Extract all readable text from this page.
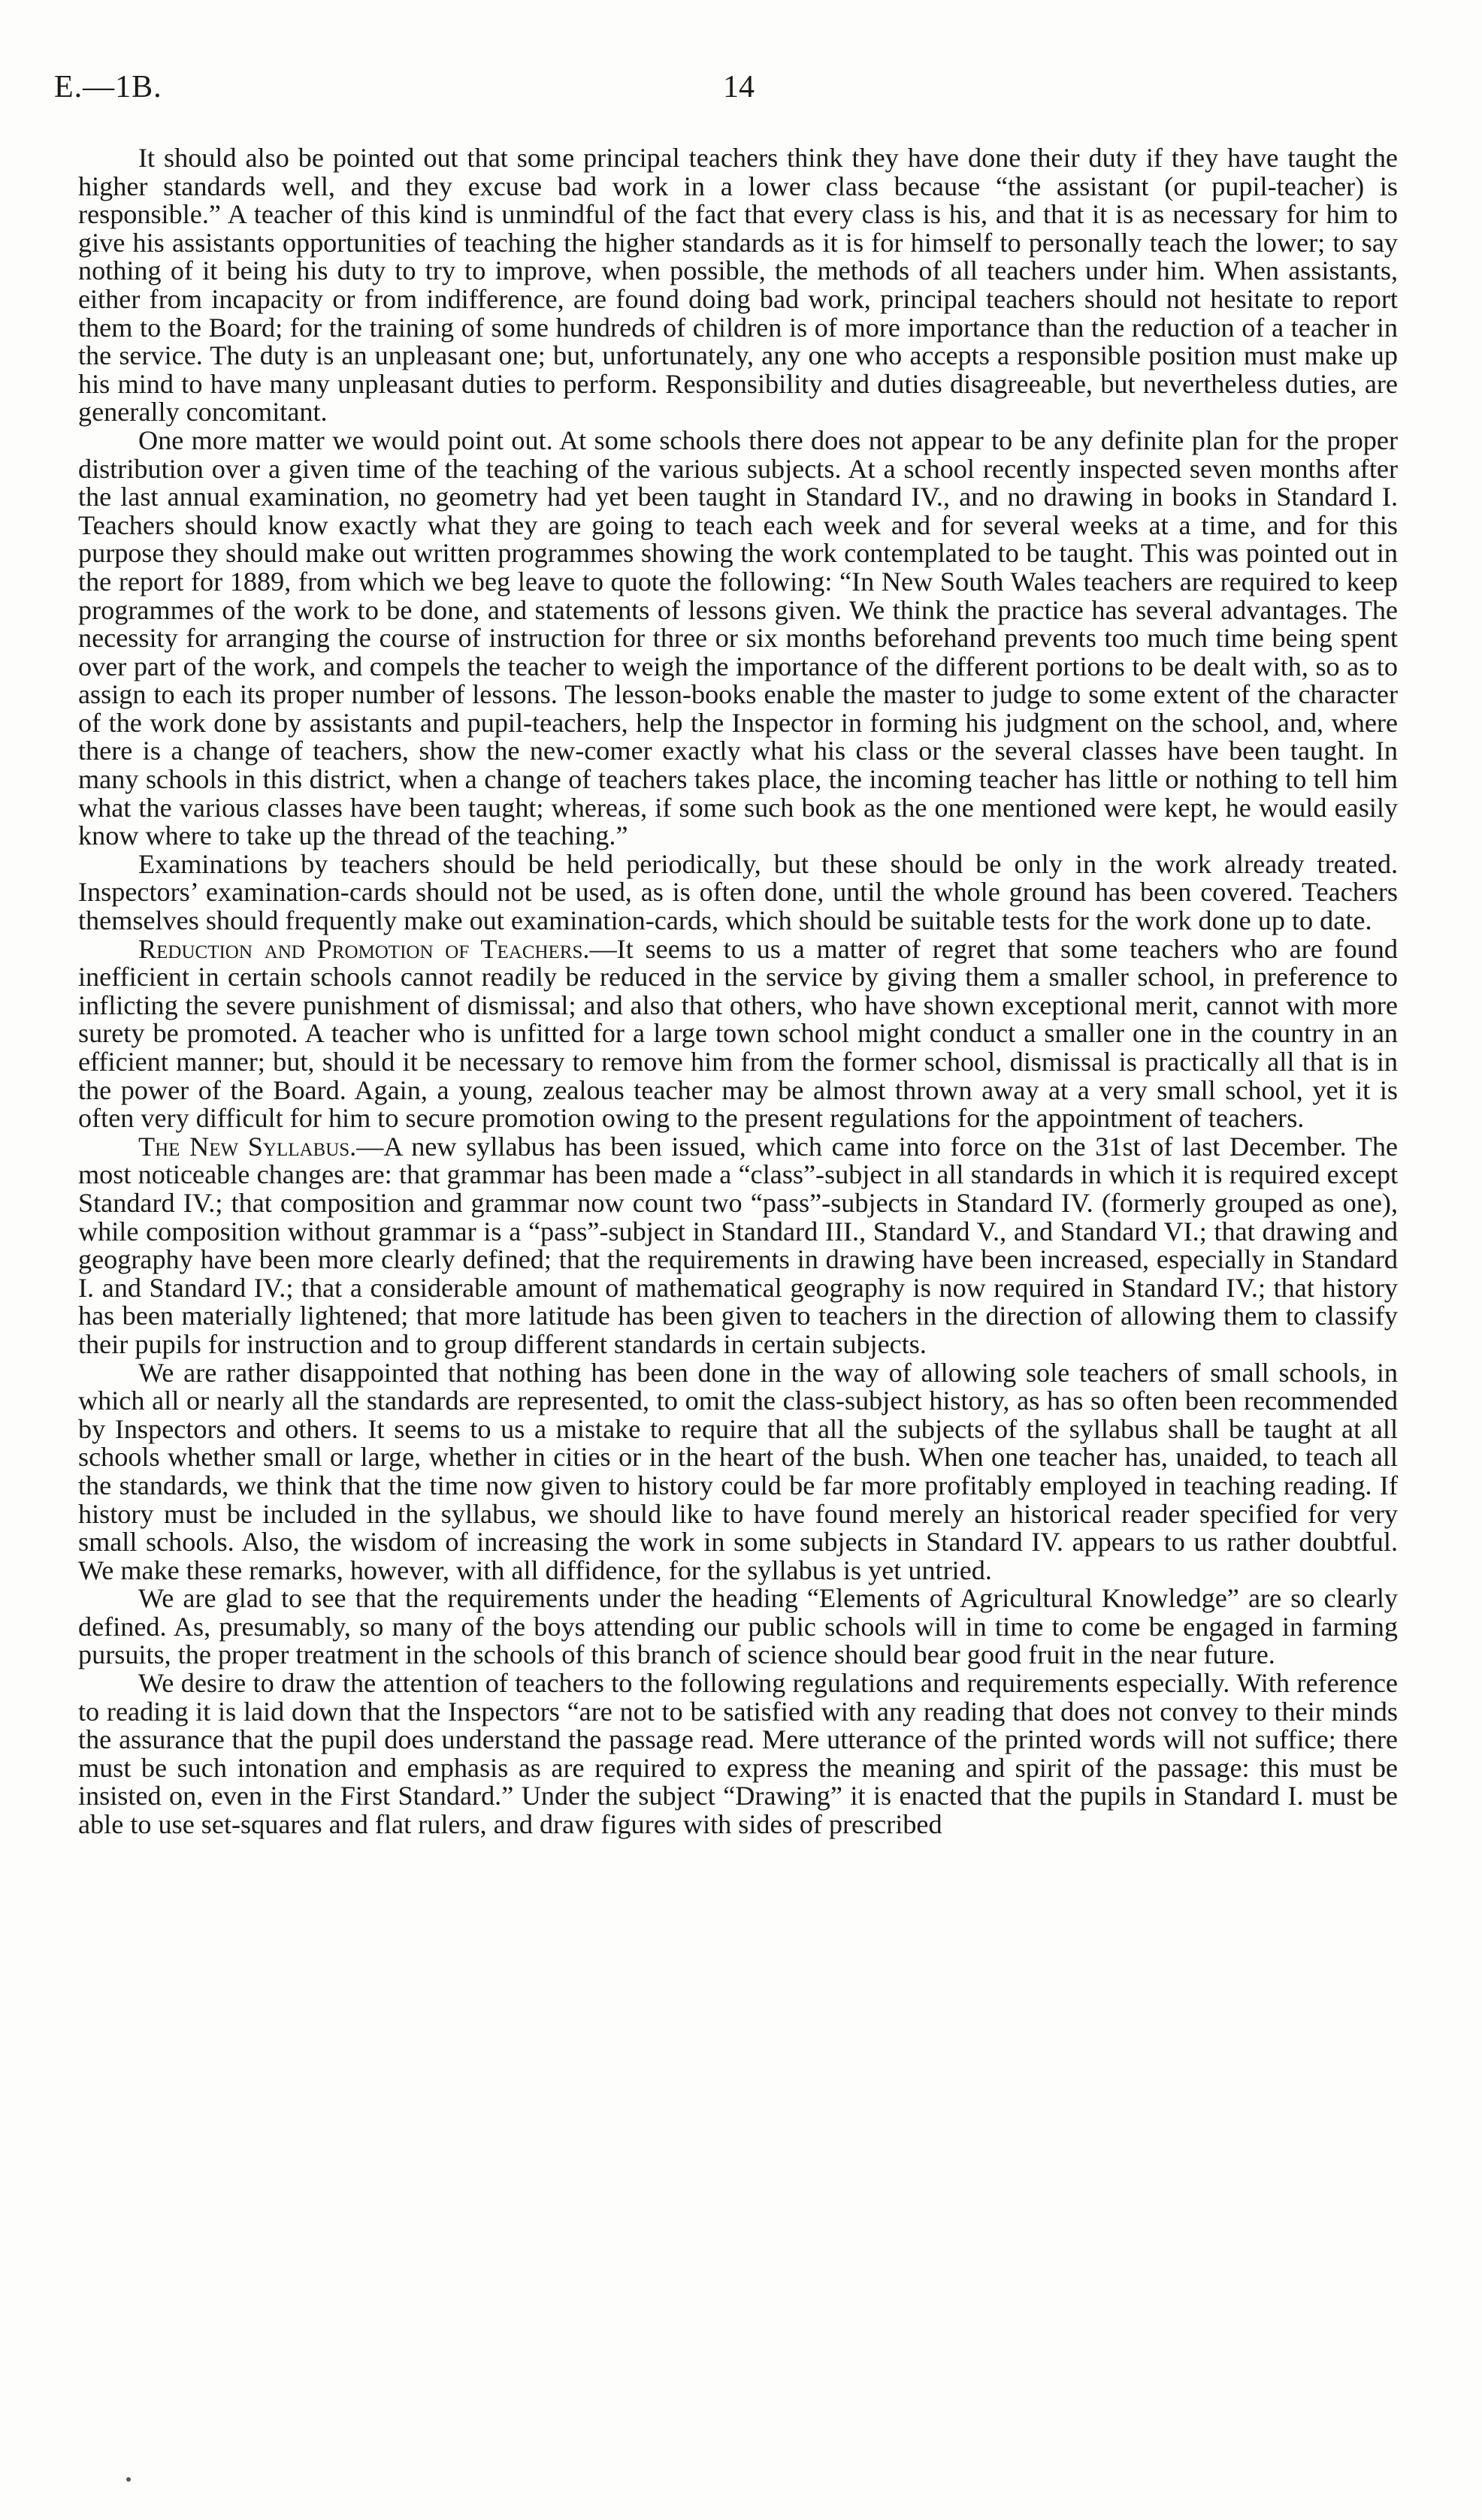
E.—1B.	14

It should also be pointed out that some principal teachers think they have done their duty if they have taught the higher standards well, and they excuse bad work in a lower class because “the assistant (or pupil-teacher) is responsible.” A teacher of this kind is unmindful of the fact that every class is his, and that it is as necessary for him to give his assistants opportunities of teaching the higher standards as it is for himself to personally teach the lower; to say nothing of it being his duty to try to improve, when possible, the methods of all teachers under him. When assistants, either from incapacity or from indifference, are found doing bad work, principal teachers should not hesitate to report them to the Board; for the training of some hundreds of children is of more importance than the reduction of a teacher in the service. The duty is an unpleasant one; but, unfortunately, any one who accepts a responsible position must make up his mind to have many unpleasant duties to perform. Responsibility and duties disagreeable, but nevertheless duties, are generally concomitant.

One more matter we would point out. At some schools there does not appear to be any definite plan for the proper distribution over a given time of the teaching of the various subjects. At a school recently inspected seven months after the last annual examination, no geometry had yet been taught in Standard IV., and no drawing in books in Standard I. Teachers should know exactly what they are going to teach each week and for several weeks at a time, and for this purpose they should make out written programmes showing the work contemplated to be taught. This was pointed out in the report for 1889, from which we beg leave to quote the following: “In New South Wales teachers are required to keep programmes of the work to be done, and statements of lessons given. We think the practice has several advantages. The necessity for arranging the course of instruction for three or six months beforehand prevents too much time being spent over part of the work, and compels the teacher to weigh the importance of the different portions to be dealt with, so as to assign to each its proper number of lessons. The lesson-books enable the master to judge to some extent of the character of the work done by assistants and pupil-teachers, help the Inspector in forming his judgment on the school, and, where there is a change of teachers, show the new-comer exactly what his class or the several classes have been taught. In many schools in this district, when a change of teachers takes place, the incoming teacher has little or nothing to tell him what the various classes have been taught; whereas, if some such book as the one mentioned were kept, he would easily know where to take up the thread of the teaching.”

Examinations by teachers should be held periodically, but these should be only in the work already treated. Inspectors’ examination-cards should not be used, as is often done, until the whole ground has been covered. Teachers themselves should frequently make out examination-cards, which should be suitable tests for the work done up to date.

Reduction and Promotion of Teachers.—It seems to us a matter of regret that some teachers who are found inefficient in certain schools cannot readily be reduced in the service by giving them a smaller school, in preference to inflicting the severe punishment of dismissal; and also that others, who have shown exceptional merit, cannot with more surety be promoted. A teacher who is unfitted for a large town school might conduct a smaller one in the country in an efficient manner; but, should it be necessary to remove him from the former school, dismissal is practically all that is in the power of the Board. Again, a young, zealous teacher may be almost thrown away at a very small school, yet it is often very difficult for him to secure promotion owing to the present regulations for the appointment of teachers.

The New Syllabus.—A new syllabus has been issued, which came into force on the 31st of last December. The most noticeable changes are: that grammar has been made a “class”-subject in all standards in which it is required except Standard IV.; that composition and grammar now count two “pass”-subjects in Standard IV. (formerly grouped as one), while composition without grammar is a “pass”-subject in Standard III., Standard V., and Standard VI.; that drawing and geography have been more clearly defined; that the requirements in drawing have been increased, especially in Standard I. and Standard IV.; that a considerable amount of mathematical geography is now required in Standard IV.; that history has been materially lightened; that more latitude has been given to teachers in the direction of allowing them to classify their pupils for instruction and to group different standards in certain subjects.

We are rather disappointed that nothing has been done in the way of allowing sole teachers of small schools, in which all or nearly all the standards are represented, to omit the class-subject history, as has so often been recommended by Inspectors and others. It seems to us a mistake to require that all the subjects of the syllabus shall be taught at all schools whether small or large, whether in cities or in the heart of the bush. When one teacher has, unaided, to teach all the standards, we think that the time now given to history could be far more profitably employed in teaching reading. If history must be included in the syllabus, we should like to have found merely an historical reader specified for very small schools. Also, the wisdom of increasing the work in some subjects in Standard IV. appears to us rather doubtful. We make these remarks, however, with all diffidence, for the syllabus is yet untried.

We are glad to see that the requirements under the heading “Elements of Agricultural Knowledge” are so clearly defined. As, presumably, so many of the boys attending our public schools will in time to come be engaged in farming pursuits, the proper treatment in the schools of this branch of science should bear good fruit in the near future.

We desire to draw the attention of teachers to the following regulations and requirements especially. With reference to reading it is laid down that the Inspectors “are not to be satisfied with any reading that does not convey to their minds the assurance that the pupil does understand the passage read. Mere utterance of the printed words will not suffice; there must be such intonation and emphasis as are required to express the meaning and spirit of the passage: this must be insisted on, even in the First Standard.” Under the subject “Drawing” it is enacted that the pupils in Standard I. must be able to use set-squares and flat rulers, and draw figures with sides of prescribed
